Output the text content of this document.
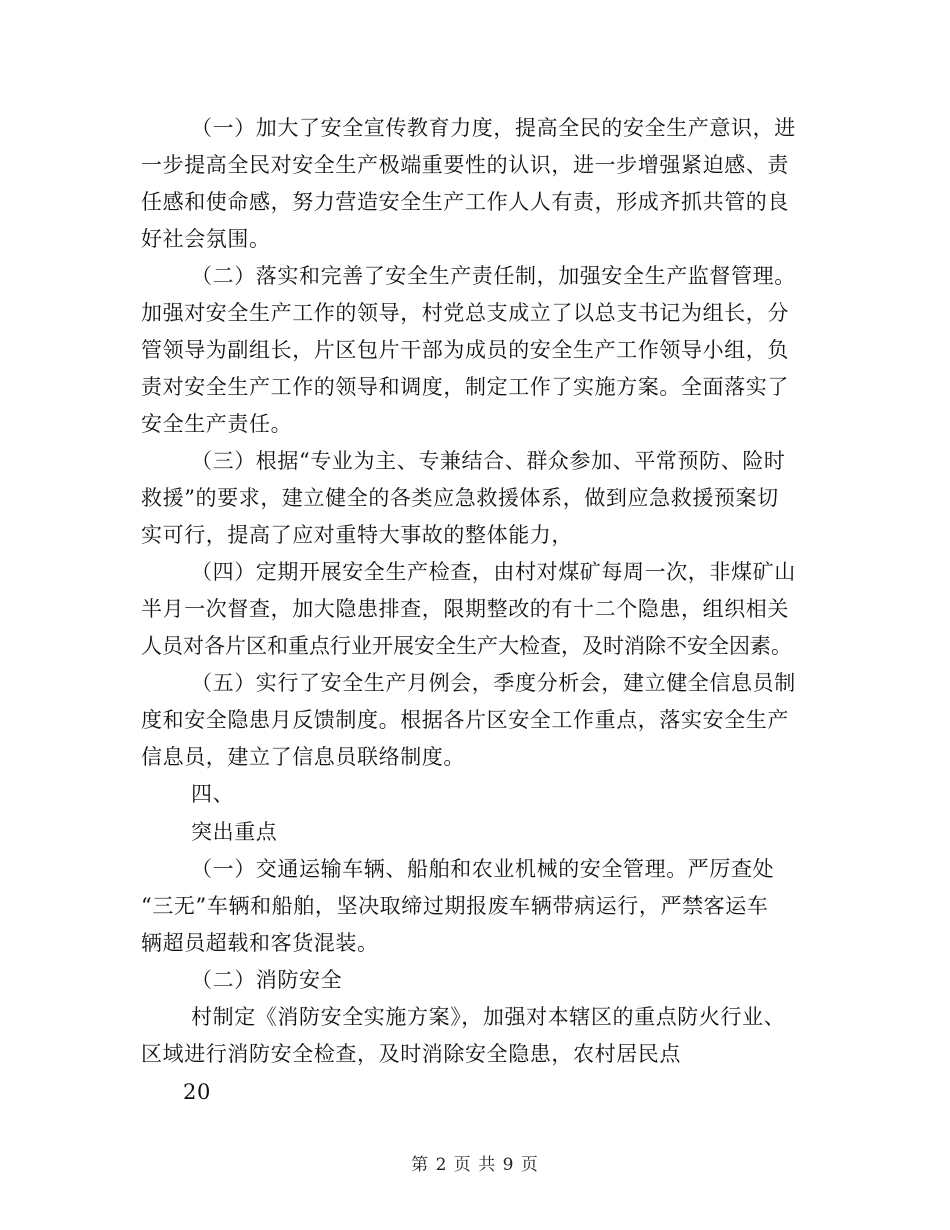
（一）加大了安全宣传教育力度，提高全民的安全生产意识，进
一步提高全民对安全生产极端重要性的认识，进一步增强紧迫感、责
任感和使命感，努力营造安全生产工作人人有责，形成齐抓共管的良
好社会氛围。
（二）落实和完善了安全生产责任制，加强安全生产监督管理。
加强对安全生产工作的领导，村党总支成立了以总支书记为组长，分
管领导为副组长，片区包片干部为成员的安全生产工作领导小组，负
责对安全生产工作的领导和调度，制定工作了实施方案。全面落实了
安全生产责任。
（三）根据“专业为主、专兼结合、群众参加、平常预防、险时
救援”的要求，建立健全的各类应急救援体系，做到应急救援预案切
实可行，提高了应对重特大事故的整体能力，
（四）定期开展安全生产检查，由村对煤矿每周一次，非煤矿山
半月一次督查，加大隐患排查，限期整改的有十二个隐患，组织相关
人员对各片区和重点行业开展安全生产大检查，及时消除不安全因素。
（五）实行了安全生产月例会，季度分析会，建立健全信息员制
度和安全隐患月反馈制度。根据各片区安全工作重点，落实安全生产
信息员，建立了信息员联络制度。
四、
突出重点
（一）交通运输车辆、船舶和农业机械的安全管理。严厉查处
“三无”车辆和船舶，坚决取缔过期报废车辆带病运行，严禁客运车
辆超员超载和客货混装。
（二）消防安全
村制定《消防安全实施方案》，加强对本辖区的重点防火行业、
区域进行消防安全检查，及时消除安全隐患，农村居民点
20
第 2 页 共 9 页
